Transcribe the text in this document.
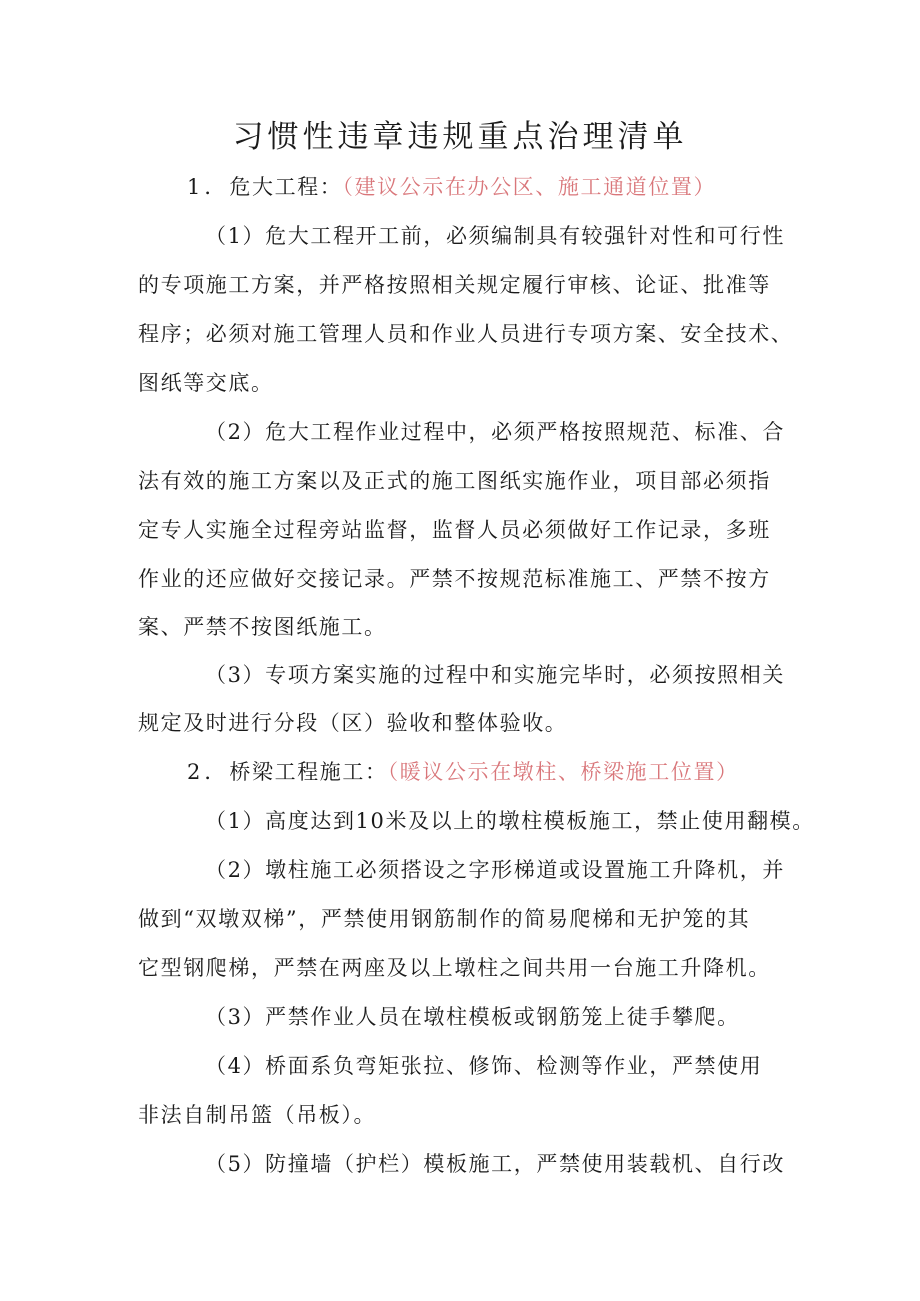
习惯性违章违规重点治理清单
1．危大工程：（建议公示在办公区、施工通道位置）
（1）危大工程开工前，必须编制具有较强针对性和可行性
的专项施工方案，并严格按照相关规定履行审核、论证、批准等
程序；必须对施工管理人员和作业人员进行专项方案、安全技术、
图纸等交底。
（2）危大工程作业过程中，必须严格按照规范、标准、合
法有效的施工方案以及正式的施工图纸实施作业，项目部必须指
定专人实施全过程旁站监督，监督人员必须做好工作记录，多班
作业的还应做好交接记录。严禁不按规范标准施工、严禁不按方
案、严禁不按图纸施工。
（3）专项方案实施的过程中和实施完毕时，必须按照相关
规定及时进行分段（区）验收和整体验收。
2．桥梁工程施工：（暖议公示在墩柱、桥梁施工位置）
（1）高度达到10米及以上的墩柱模板施工，禁止使用翻模。
（2）墩柱施工必须搭设之字形梯道或设置施工升降机，并
做到“双墩双梯”，严禁使用钢筋制作的简易爬梯和无护笼的其
它型钢爬梯，严禁在两座及以上墩柱之间共用一台施工升降机。
（3）严禁作业人员在墩柱模板或钢筋笼上徒手攀爬。
（4）桥面系负弯矩张拉、修饰、检测等作业，严禁使用
非法自制吊篮（吊板）。
（5）防撞墙（护栏）模板施工，严禁使用装载机、自行改
